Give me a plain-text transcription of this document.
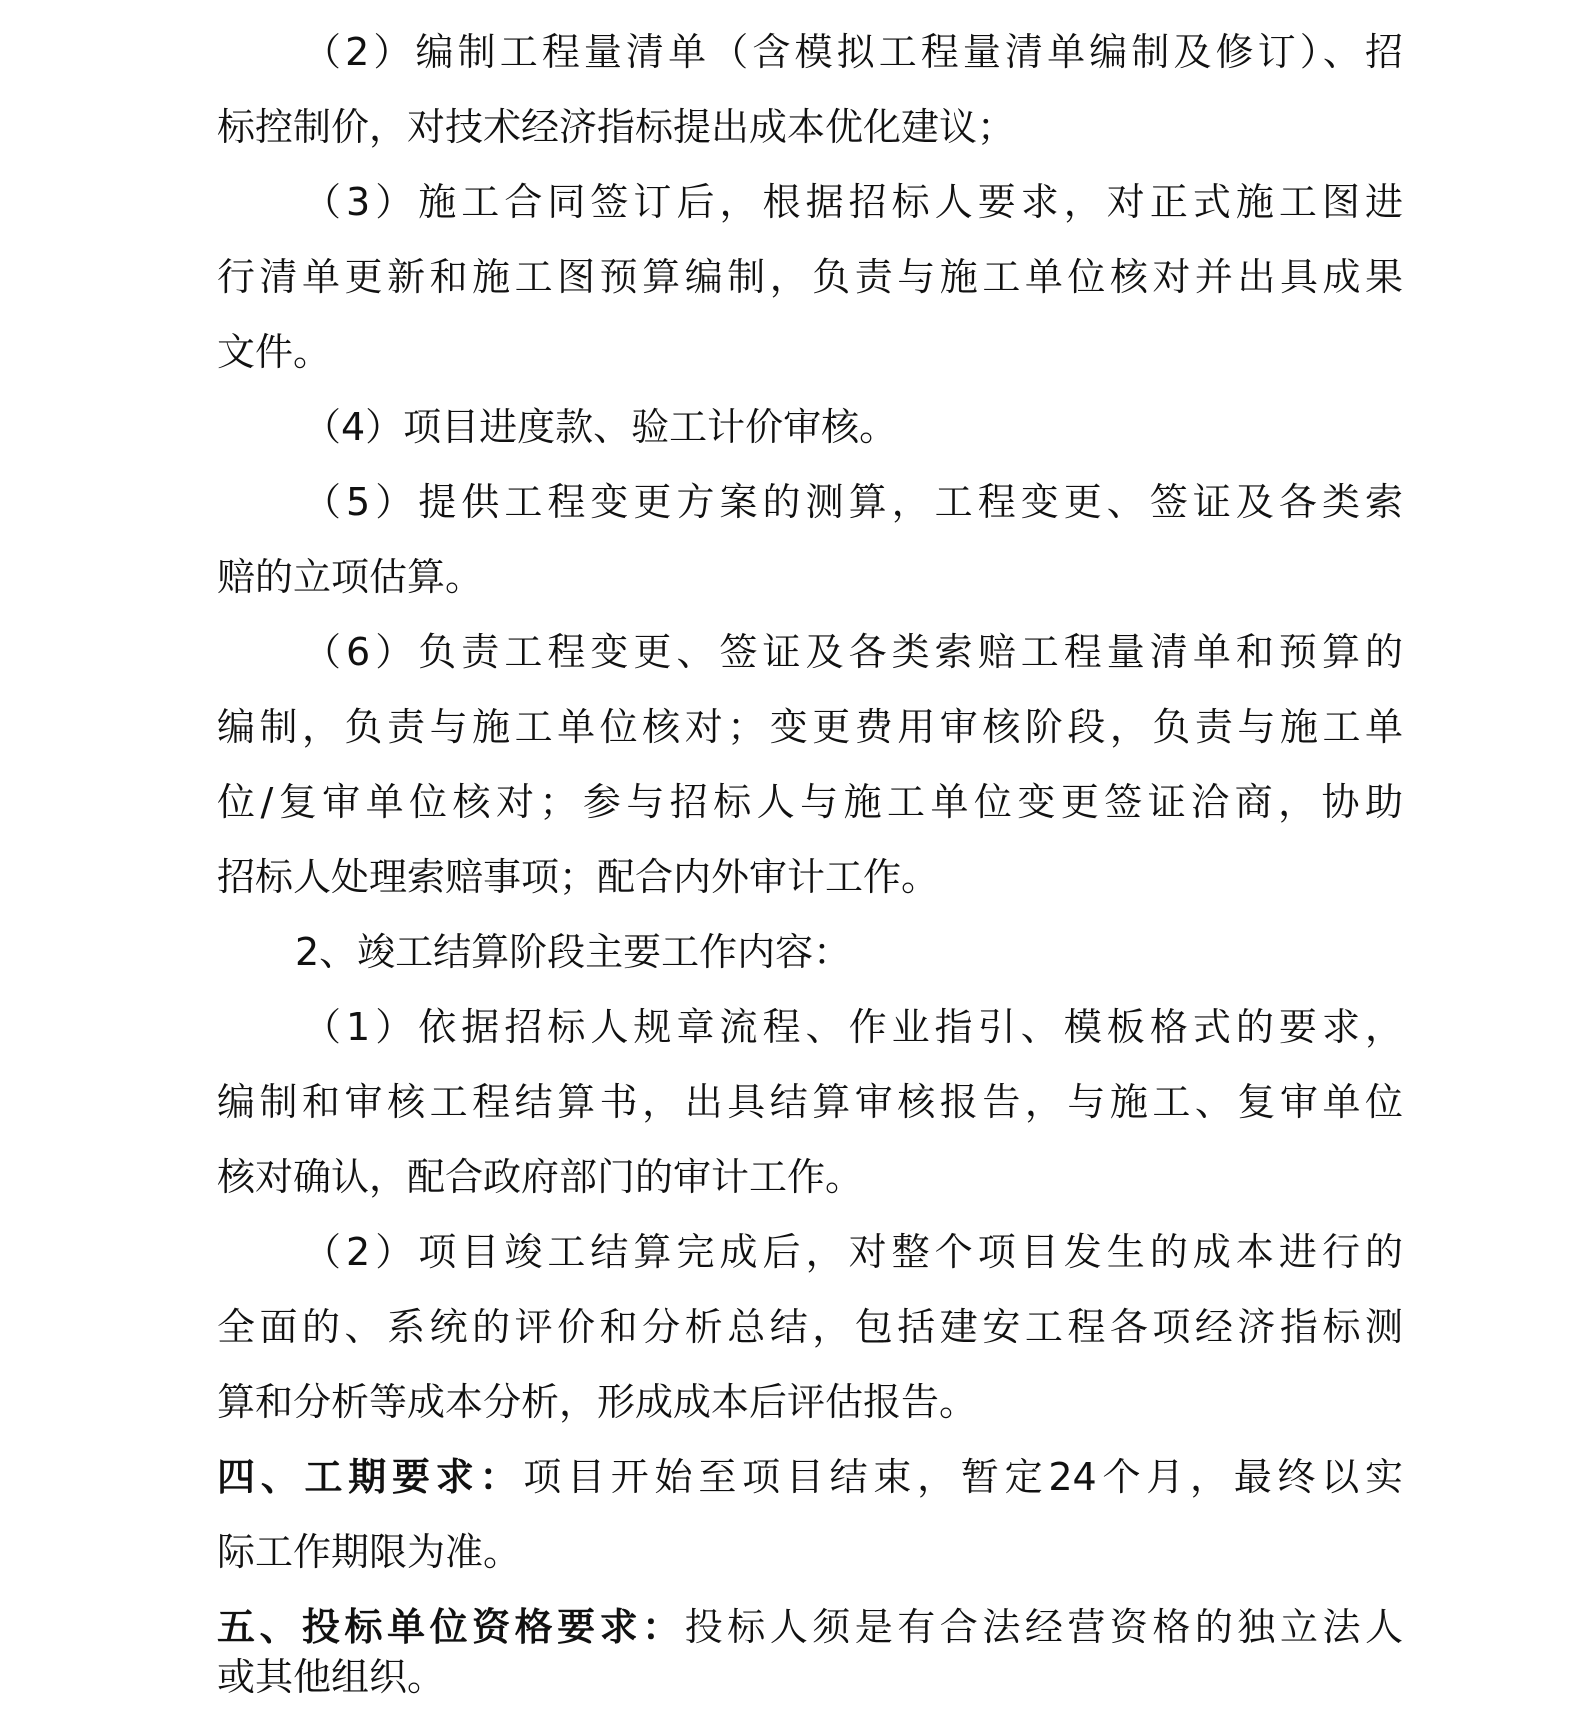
（2）编制工程量清单（含模拟工程量清单编制及修订）、招
标控制价，对技术经济指标提出成本优化建议；
（3）施工合同签订后，根据招标人要求，对正式施工图进
行清单更新和施工图预算编制，负责与施工单位核对并出具成果
文件。
（4）项目进度款、验工计价审核。
（5）提供工程变更方案的测算，工程变更、签证及各类索
赔的立项估算。
（6）负责工程变更、签证及各类索赔工程量清单和预算的
编制，负责与施工单位核对；变更费用审核阶段，负责与施工单
位/复审单位核对；参与招标人与施工单位变更签证洽商，协助
招标人处理索赔事项；配合内外审计工作。
2、竣工结算阶段主要工作内容：
（1）依据招标人规章流程、作业指引、模板格式的要求，
编制和审核工程结算书，出具结算审核报告，与施工、复审单位
核对确认，配合政府部门的审计工作。
（2）项目竣工结算完成后，对整个项目发生的成本进行的
全面的、系统的评价和分析总结，包括建安工程各项经济指标测
算和分析等成本分析，形成成本后评估报告。
四、工期要求：项目开始至项目结束，暂定24个月，最终以实
际工作期限为准。
五、投标单位资格要求：投标人须是有合法经营资格的独立法人
或其他组织。
